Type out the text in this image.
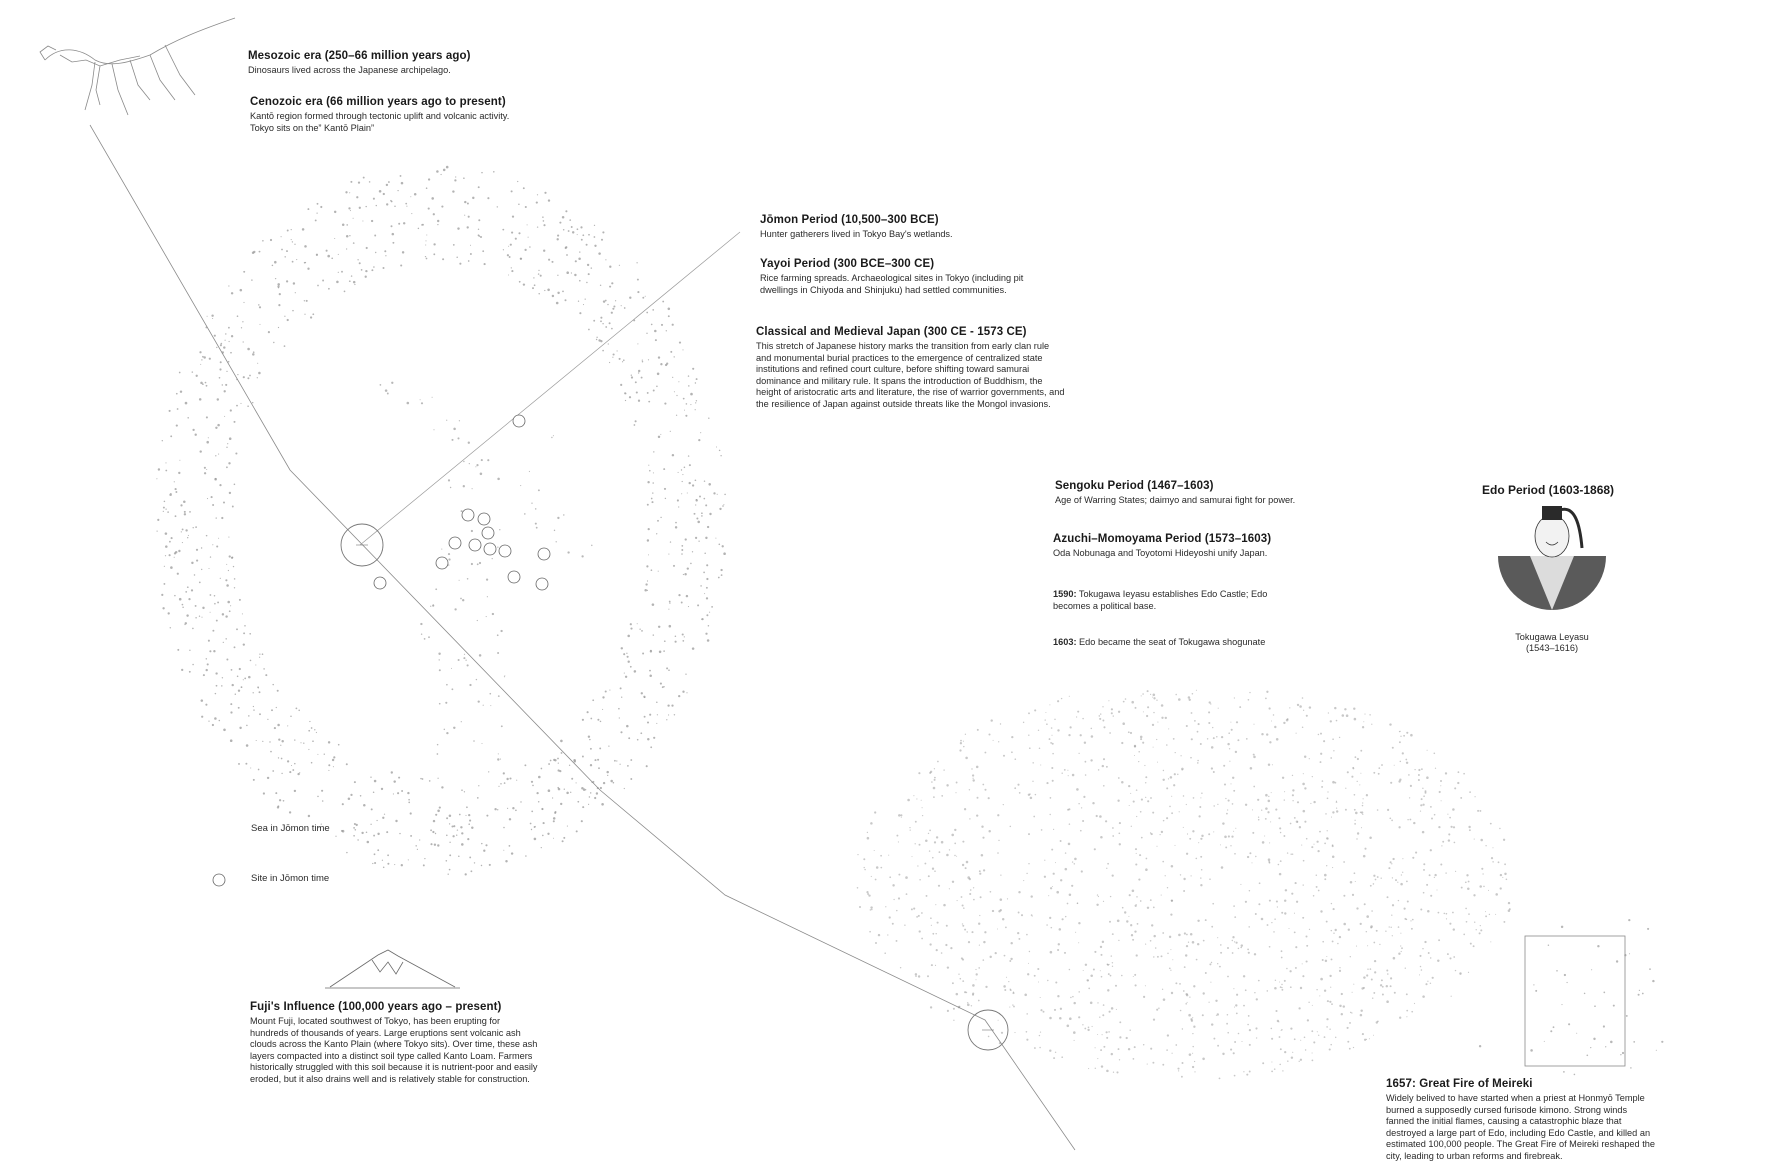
Mesozoic era (250–66 million years ago)

Dinosaurs lived across the Japanese archipelago.

Cenozoic era (66 million years ago to present)

Kantō region formed through tectonic uplift and volcanic activity. Tokyo sits on the” Kantō Plain”

Jōmon Period (10,500–300 BCE)

Hunter gatherers lived in Tokyo Bay's wetlands.

Yayoi Period (300 BCE–300 CE)

Rice farming spreads. Archaeological sites in Tokyo (including pit dwellings in Chiyoda and Shinjuku) had settled communities.

Classical and Medieval Japan (300 CE - 1573 CE)

This stretch of Japanese history marks the transition from early clan rule and monumental burial practices to the emergence of centralized state institutions and refined court culture, before shifting toward samurai dominance and military rule. It spans the introduction of Buddhism, the height of aristocratic arts and literature, the rise of warrior governments, and the resilience of Japan against outside threats like the Mongol invasions.

Sengoku Period (1467–1603)

Age of Warring States; daimyo and samurai fight for power.

Azuchi–Momoyama Period (1573–1603)

Oda Nobunaga and Toyotomi Hideyoshi unify Japan.

1590: Tokugawa Ieyasu establishes Edo Castle; Edo becomes a political base.

1603: Edo became the seat of Tokugawa shogunate

Edo Period (1603-1868)
Tokugawa Leyasu
(1543–1616)
Sea in Jōmon time
Site in Jōmon time
Fuji's Influence (100,000 years ago – present)

Mount Fuji, located southwest of Tokyo, has been erupting for hundreds of thousands of years. Large eruptions sent volcanic ash clouds across the Kanto Plain (where Tokyo sits). Over time, these ash layers compacted into a distinct soil type called Kanto Loam. Farmers historically struggled with this soil because it is nutrient-poor and easily eroded, but it also drains well and is relatively stable for construction.	1657: Great Fire of Meireki

Widely belived to have started when a priest at Honmyō Temple burned a supposedly cursed furisode kimono. Strong winds fanned the initial flames, causing a catastrophic blaze that destroyed a large part of Edo, including Edo Castle, and killed an estimated 100,000 people. The Great Fire of Meireki reshaped the city, leading to urban reforms and firebreak.
